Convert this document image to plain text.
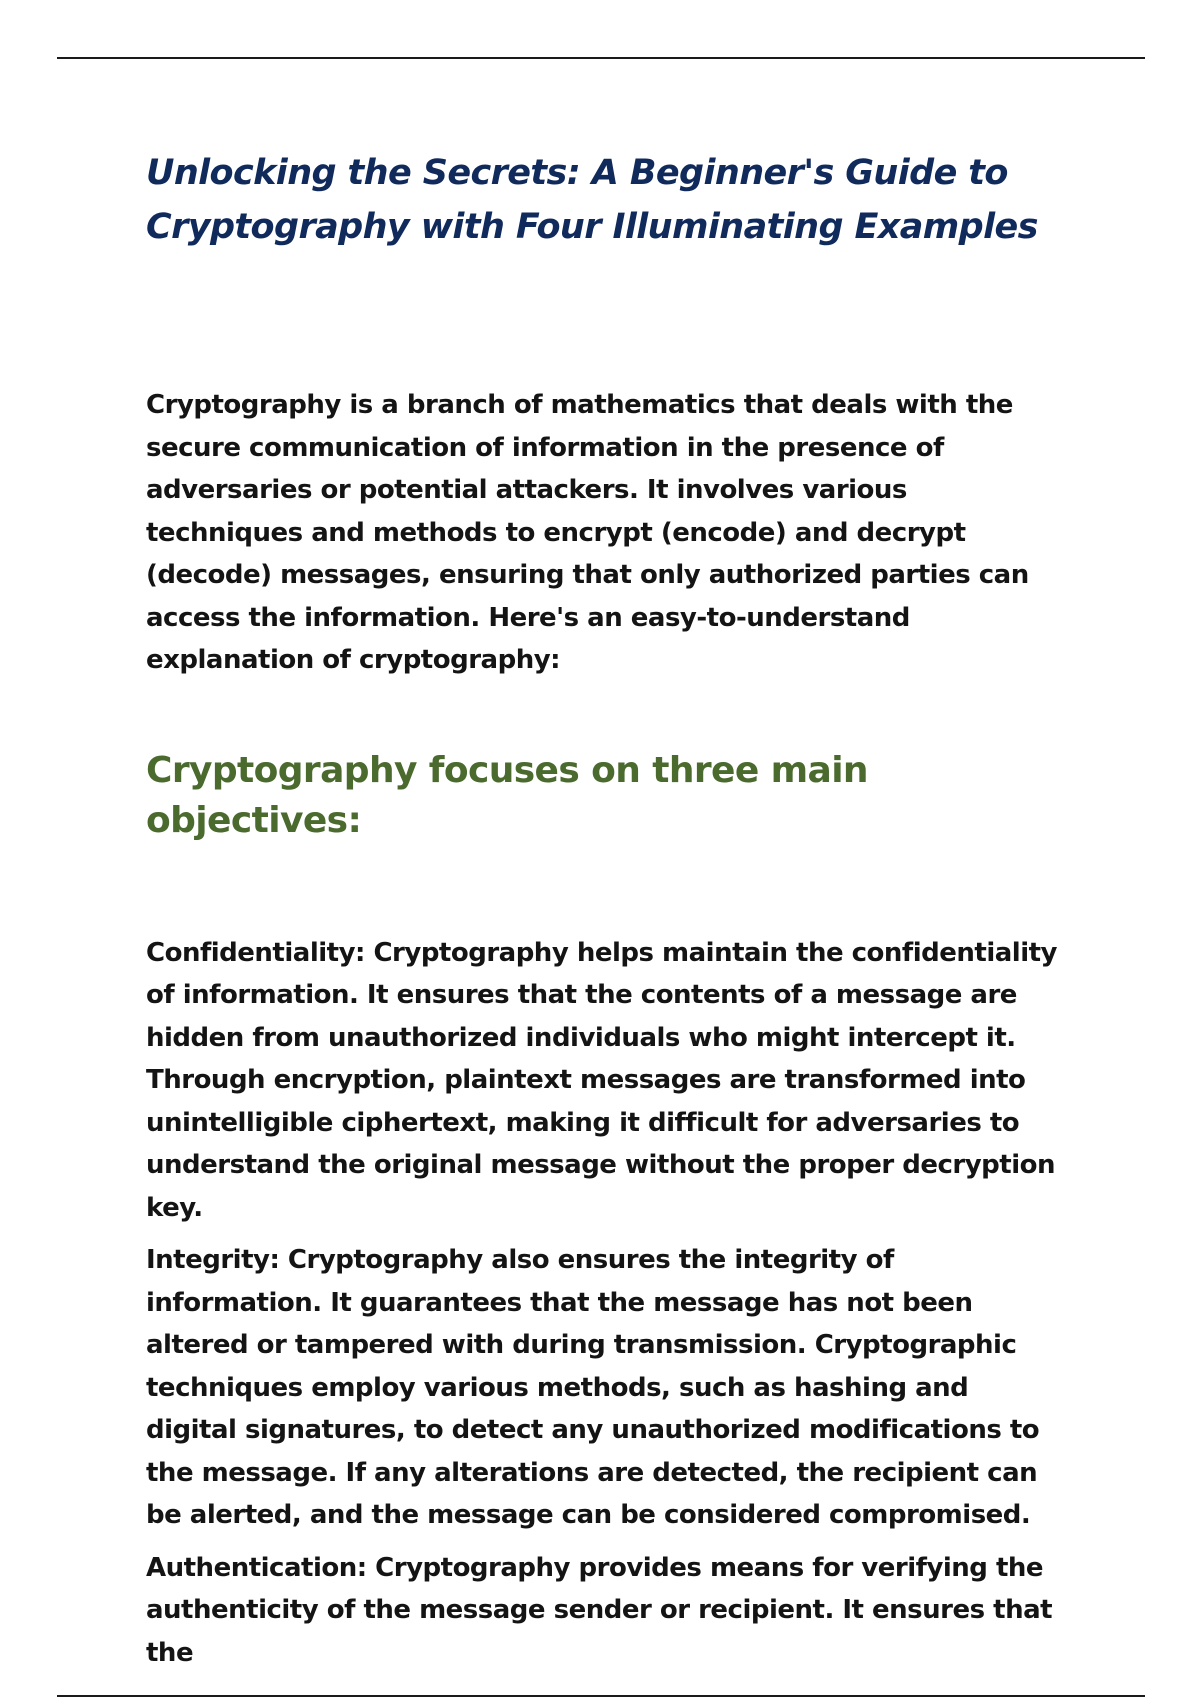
Unlocking the Secrets: A Beginner's Guide to
Cryptography with Four Illuminating Examples

Cryptography is a branch of mathematics that deals with the secure communication of information in the presence of adversaries or potential attackers. It involves various techniques and methods to encrypt (encode) and decrypt (decode) messages, ensuring that only authorized parties can access the information. Here's an easy-to-understand explanation of cryptography:

Cryptography focuses on three main objectives:

Confidentiality: Cryptography helps maintain the confidentiality of information. It ensures that the contents of a message are hidden from unauthorized individuals who might intercept it. Through encryption, plaintext messages are transformed into unintelligible ciphertext, making it difficult for adversaries to understand the original message without the proper decryption key.

Integrity: Cryptography also ensures the integrity of information. It guarantees that the message has not been altered or tampered with during transmission. Cryptographic techniques employ various methods, such as hashing and digital signatures, to detect any unauthorized modifications to the message. If any alterations are detected, the recipient can be alerted, and the message can be considered compromised.

Authentication: Cryptography provides means for verifying the authenticity of the message sender or recipient. It ensures that the
